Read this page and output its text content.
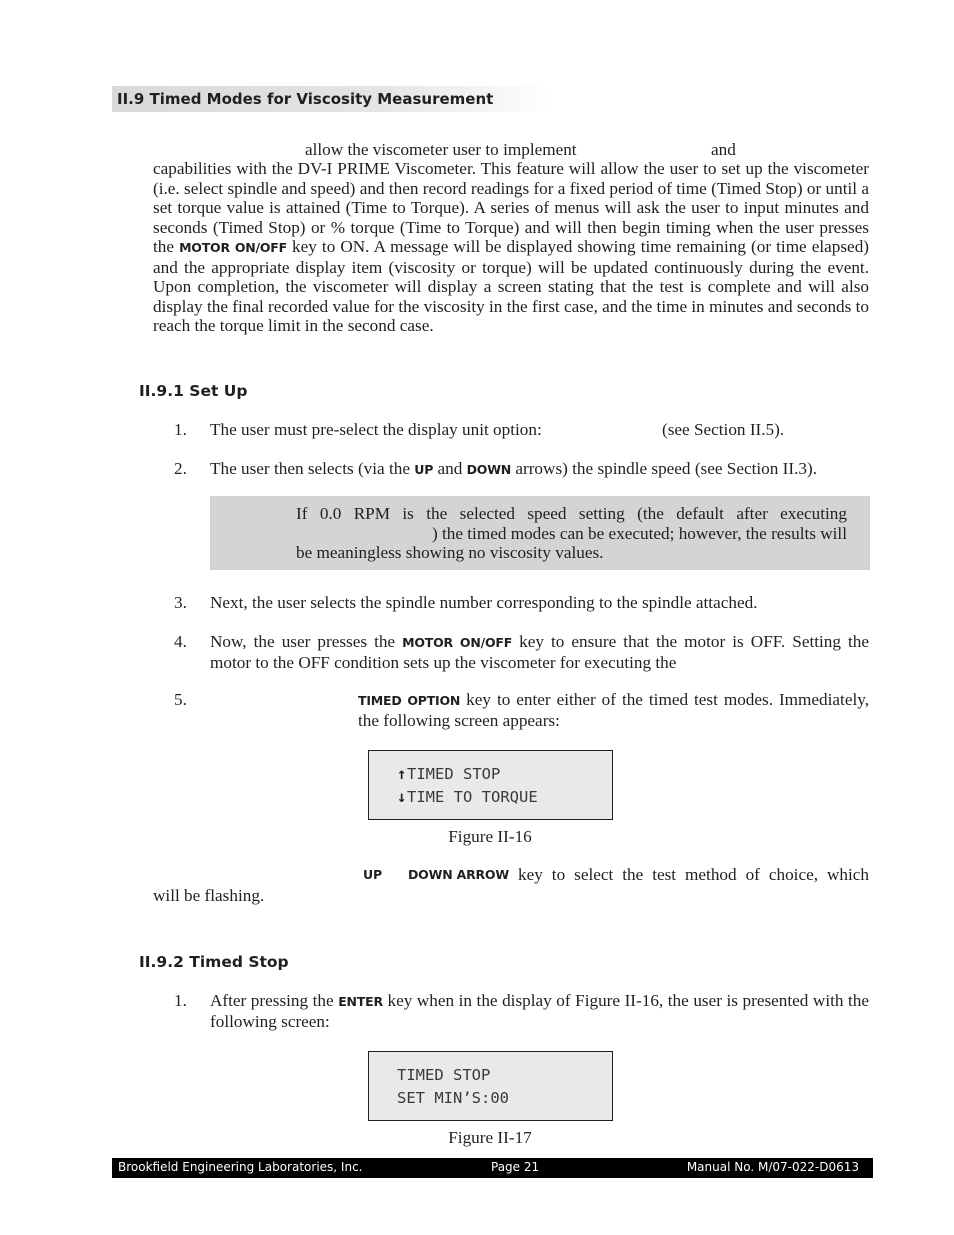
II.9 Timed Modes for Viscosity Measurement
allow the viscometer user to implement	and
capabilities with the DV-I PRIME Viscometer. This feature will allow the user to set up the viscometer (i.e. select spindle and speed) and then record readings for a fixed period of time (Timed Stop) or until a set torque value is attained (Time to Torque). A series of menus will ask the user to input minutes and seconds (Timed Stop) or % torque (Time to Torque) and will then begin timing when the user presses the MOTOR ON/OFF key to ON. A message will be displayed showing time remaining (or time elapsed) and the appropriate display item (viscosity or torque) will be updated continuously during the event. Upon completion, the viscometer will display a screen stating that the test is complete and will also display the final recorded value for the viscosity in the first case, and the time in minutes and seconds to reach the torque limit in the second case.
II.9.1 Set Up
1. The user must pre-select the display unit option:	(see Section II.5).
2. The user then selects (via the UP and DOWN arrows) the spindle speed (see Section II.3).
If 0.0 RPM is the selected speed setting (the default after executing
) the timed modes can be executed; however, the results will
be meaningless showing no viscosity values.
3. Next, the user selects the spindle number corresponding to the spindle attached.
4. Now, the user presses the MOTOR ON/OFF key to ensure that the motor is OFF. Setting the motor to the OFF condition sets up the viscometer for executing the
5.	TIMED OPTION key to enter either of the timed test modes. Immediately, the following screen appears:
↑TIMED STOP
↓TIME TO TORQUE
Figure II-16
UP DOWN ARROW key to select the test method of choice, which
will be flashing.
II.9.2 Timed Stop
1. After pressing the ENTER key when in the display of Figure II-16, the user is presented with the following screen:
TIMED STOP
SET MIN’S:00
Figure II-17
Brookfield Engineering Laboratories, Inc.	Page 21	Manual No. M/07-022-D0613
